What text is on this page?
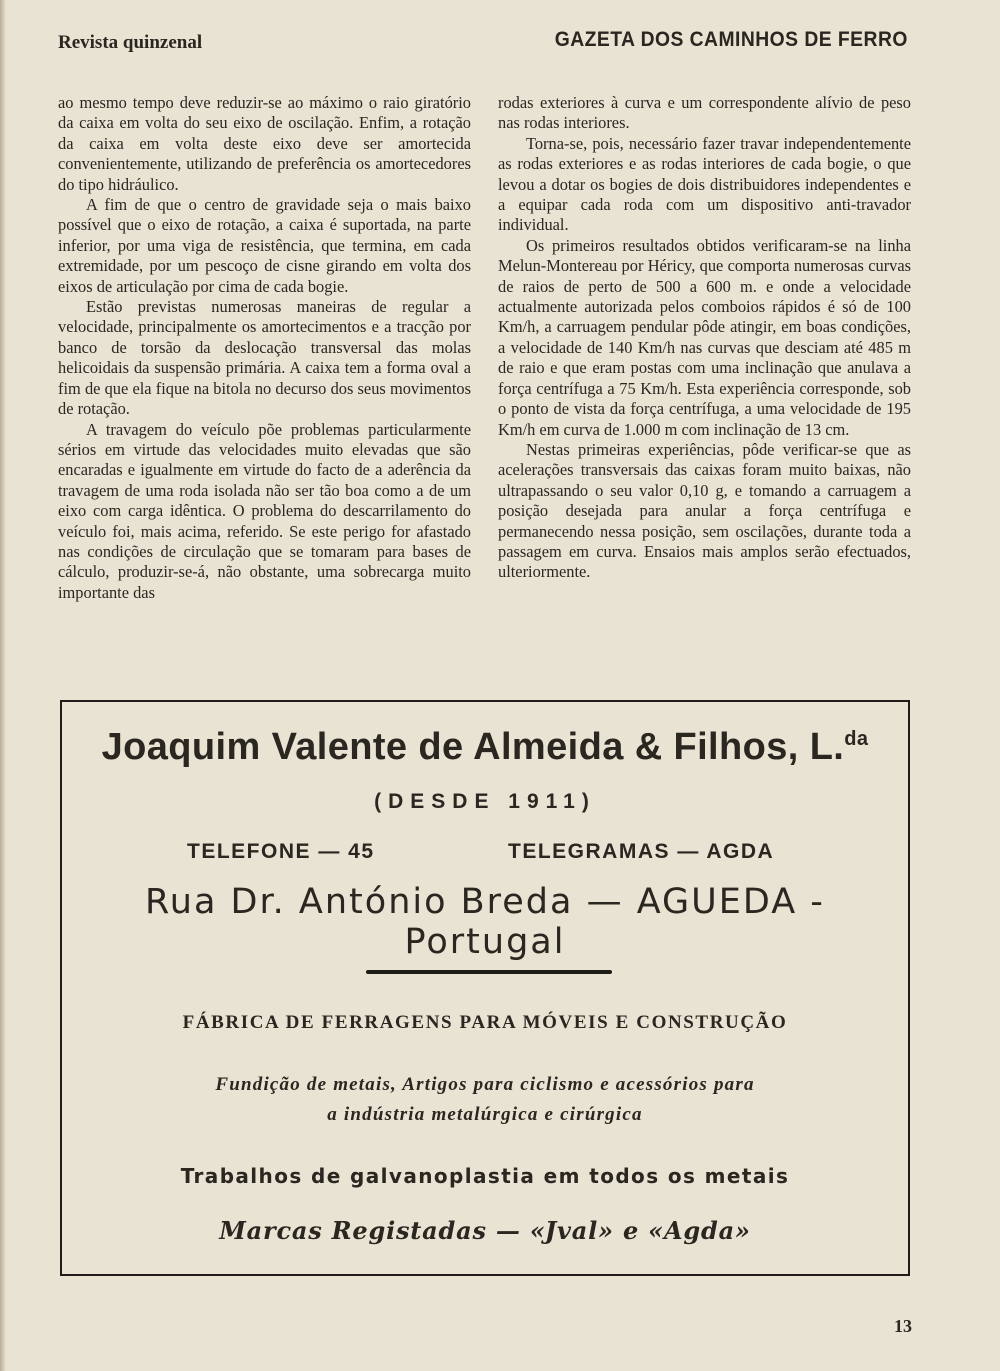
Revista quinzenal	GAZETA DOS CAMINHOS DE FERRO

ao mesmo tempo deve reduzir-se ao máximo o raio giratório da caixa em volta do seu eixo de oscilação. Enfim, a rotação da caixa em volta deste eixo deve ser amortecida convenientemente, utilizando de preferência os amortecedores do tipo hidráulico.

A fim de que o centro de gravidade seja o mais baixo possível que o eixo de rotação, a caixa é suportada, na parte inferior, por uma viga de resistência, que termina, em cada extremidade, por um pescoço de cisne girando em volta dos eixos de articulação por cima de cada bogie.

Estão previstas numerosas maneiras de regular a velocidade, principalmente os amortecimentos e a tracção por banco de torsão da deslocação transversal das molas helicoidais da suspensão primária. A caixa tem a forma oval a fim de que ela fique na bitola no decurso dos seus movimentos de rotação.

A travagem do veículo põe problemas particularmente sérios em virtude das velocidades muito elevadas que são encaradas e igualmente em virtude do facto de a aderência da travagem de uma roda isolada não ser tão boa como a de um eixo com carga idêntica. O problema do descarrilamento do veículo foi, mais acima, referido. Se este perigo for afastado nas condições de circulação que se tomaram para bases de cálculo, produzir-se-á, não obstante, uma sobrecarga muito importante das

rodas exteriores à curva e um correspondente alívio de peso nas rodas interiores.

Torna-se, pois, necessário fazer travar independentemente as rodas exteriores e as rodas interiores de cada bogie, o que levou a dotar os bogies de dois distribuidores independentes e a equipar cada roda com um dispositivo anti-travador individual.

Os primeiros resultados obtidos verificaram-se na linha Melun-Montereau por Héricy, que comporta numerosas curvas de raios de perto de 500 a 600 m. e onde a velocidade actualmente autorizada pelos comboios rápidos é só de 100 Km/h, a carruagem pendular pôde atingir, em boas condições, a velocidade de 140 Km/h nas curvas que desciam até 485 m de raio e que eram postas com uma inclinação que anulava a força centrífuga a 75 Km/h. Esta experiência corresponde, sob o ponto de vista da força centrífuga, a uma velocidade de 195 Km/h em curva de 1.000 m com inclinação de 13 cm.

Nestas primeiras experiências, pôde verificar-se que as acelerações transversais das caixas foram muito baixas, não ultrapassando o seu valor 0,10 g, e tomando a carruagem a posição desejada para anular a força centrífuga e permanecendo nessa posição, sem oscilações, durante toda a passagem em curva. Ensaios mais amplos serão efectuados, ulteriormente.

Joaquim Valente de Almeida & Filhos, L.$^{da}$
(DESDE 1911)
TELEFONE — 45	TELEGRAMAS — AGDA
Rua Dr. António Breda — AGUEDA - Portugal
FÁBRICA DE FERRAGENS PARA MÓVEIS E CONSTRUÇÃO
Fundição de metais, Artigos para ciclismo e acessórios para a indústria metalúrgica e cirúrgica
Trabalhos de galvanoplastia em todos os metais
Marcas Registadas — «Jval» e «Agda»
13
